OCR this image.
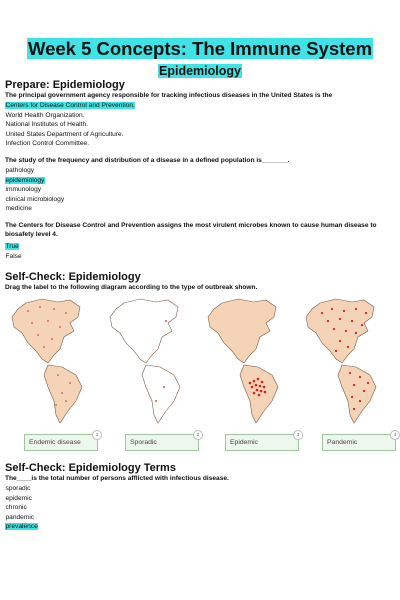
Week 5 Concepts: The Immune System
Epidemiology
Prepare: Epidemiology
The principal government agency responsible for tracking infectious diseases in the United States is the
Centers for Disease Control and Prevention.
World Health Organization.
National Institutes of Health.
United States Department of Agriculture.
Infection Control Committee.
The study of the frequency and distribution of a disease in a defined population is_______.
pathology
epidemiology
immunology
clinical microbiology
medicine
The Centers for Disease Control and Prevention assigns the most virulent microbes known to cause human disease to biosafety level 4.
True
False
Self-Check: Epidemiology
Drag the label to the following diagram according to the type of outbreak shown.
Endemic disease
1
Sporadic
2
Epidemic
3
Pandemic
4
Self-Check: Epidemiology Terms
The____is the total number of persons afflicted with infectious disease.
sporadic
epidemic
chronic
pandemic
prevalence
